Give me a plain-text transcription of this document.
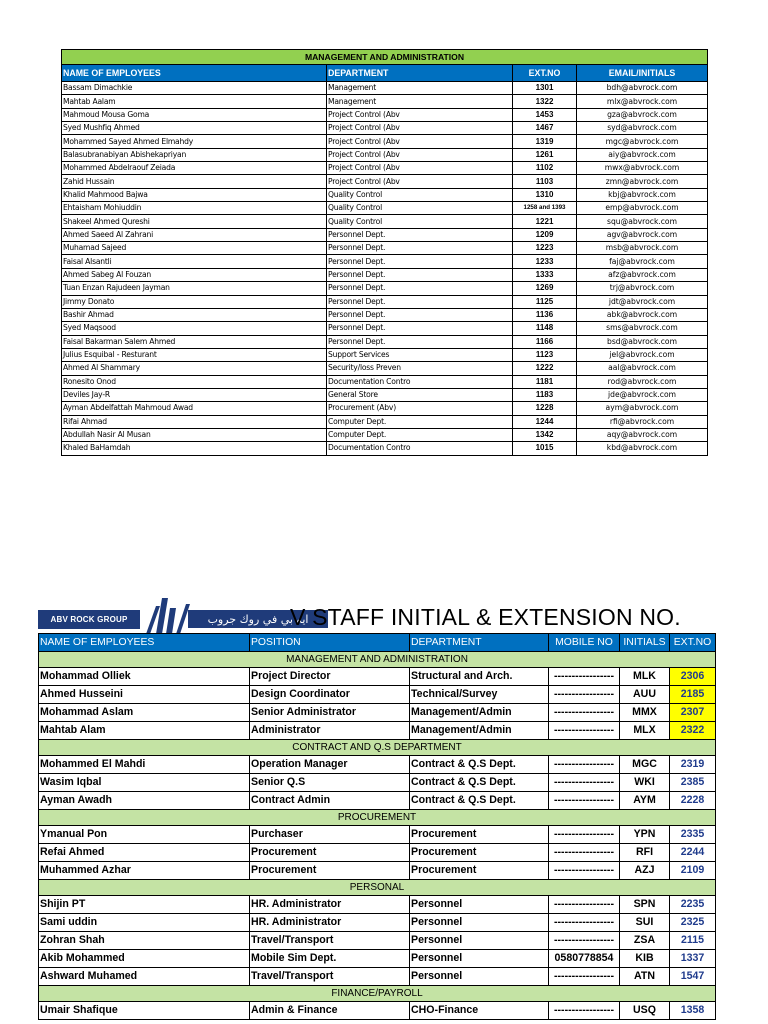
MANAGEMENT AND ADMINISTRATION			
NAME OF EMPLOYEES	DEPARTMENT	EXT.NO	EMAIL/INITIALS
Bassam Dimachkie	Management	1301	bdh@abvrock.com
Mahtab Aalam	Management	1322	mlx@abvrock.com
Mahmoud Mousa Goma	Project Control (Abv	1453	gza@abvrock.com
Syed Mushfiq Ahmed	Project Control (Abv	1467	syd@abvrock.com
Mohammed Sayed Ahmed Elmahdy	Project Control (Abv	1319	mgc@abvrock.com
Balasubranabiyan Abishekapriyan	Project Control (Abv	1261	aiy@abvrock.com
Mohammed Abdelraouf Zeiada	Project Control (Abv	1102	mwx@abvrock.com
Zahid Hussain	Project Control (Abv	1103	zmn@abvrock.com
Khalid Mahmood Bajwa	Quality Control	1310	kbj@abvrock.com
Ehtaisham Mohiuddin	Quality Control	1258 and 1393	emp@abvrock.com
Shakeel Ahmed Qureshi	Quality Control	1221	squ@abvrock.com
Ahmed Saeed Al Zahrani	Personnel Dept.	1209	agv@abvrock.com
Muhamad Sajeed	Personnel Dept.	1223	msb@abvrock.com
Faisal Alsantli	Personnel Dept.	1233	faj@abvrock.com
Ahmed Sabeg Al Fouzan	Personnel Dept.	1333	afz@abvrock.com
Tuan Enzan Rajudeen Jayman	Personnel Dept.	1269	trj@abvrock.com
Jimmy Donato	Personnel Dept.	1125	jdt@abvrock.com
Bashir Ahmad	Personnel Dept.	1136	abk@abvrock.com
Syed Maqsood	Personnel Dept.	1148	sms@abvrock.com
Faisal Bakarman Salem Ahmed	Personnel Dept.	1166	bsd@abvrock.com
Julius Esquibal - Resturant	Support Services	1123	jel@abvrock.com
Ahmed Al Shammary	Security/loss Preven	1222	aal@abvrock.com
Ronesito Onod	Documentation Contro	1181	rod@abvrock.com
Deviles Jay-R	General Store	1183	jde@abvrock.com
Ayman Abdelfattah Mahmoud Awad	Procurement (Abv)	1228	aym@abvrock.com
Rifai Ahmad	Computer Dept.	1244	rfi@abvrock.com
Abdullah Nasir Al Musan	Computer Dept.	1342	aqy@abvrock.com
Khaled BaHamdah	Documentation Contro	1015	kbd@abvrock.com
ABV ROCK GROUP	ايه بي في روك جروب
V STAFF INITIAL & EXTENSION NO.
NAME OF EMPLOYEES	POSITION	DEPARTMENT	MOBILE NO	INITIALS	EXT.NO
MANAGEMENT AND ADMINISTRATION					
Mohammad Olliek	Project Director	Structural and Arch.	-----------------	MLK	2306
Ahmed Husseini	Design Coordinator	Technical/Survey	-----------------	AUU	2185
Mohammad Aslam	Senior Administrator	Management/Admin	-----------------	MMX	2307
Mahtab Alam	Administrator	Management/Admin	-----------------	MLX	2322
CONTRACT AND Q.S DEPARTMENT					
Mohammed El Mahdi	Operation Manager	Contract & Q.S Dept.	-----------------	MGC	2319
Wasim Iqbal	Senior Q.S	Contract & Q.S Dept.	-----------------	WKI	2385
Ayman Awadh	Contract Admin	Contract & Q.S Dept.	-----------------	AYM	2228
PROCUREMENT					
Ymanual Pon	Purchaser	Procurement	-----------------	YPN	2335
Refai Ahmed	Procurement	Procurement	-----------------	RFI	2244
Muhammed Azhar	Procurement	Procurement	-----------------	AZJ	2109
PERSONAL					
Shijin PT	HR. Administrator	Personnel	-----------------	SPN	2235
Sami uddin	HR. Administrator	Personnel	-----------------	SUI	2325
Zohran Shah	Travel/Transport	Personnel	-----------------	ZSA	2115
Akib Mohammed	Mobile Sim Dept.	Personnel	0580778854	KIB	1337
Ashward Muhamed	Travel/Transport	Personnel	-----------------	ATN	1547
FINANCE/PAYROLL					
Umair Shafique	Admin & Finance	CHO-Finance	-----------------	USQ	1358
